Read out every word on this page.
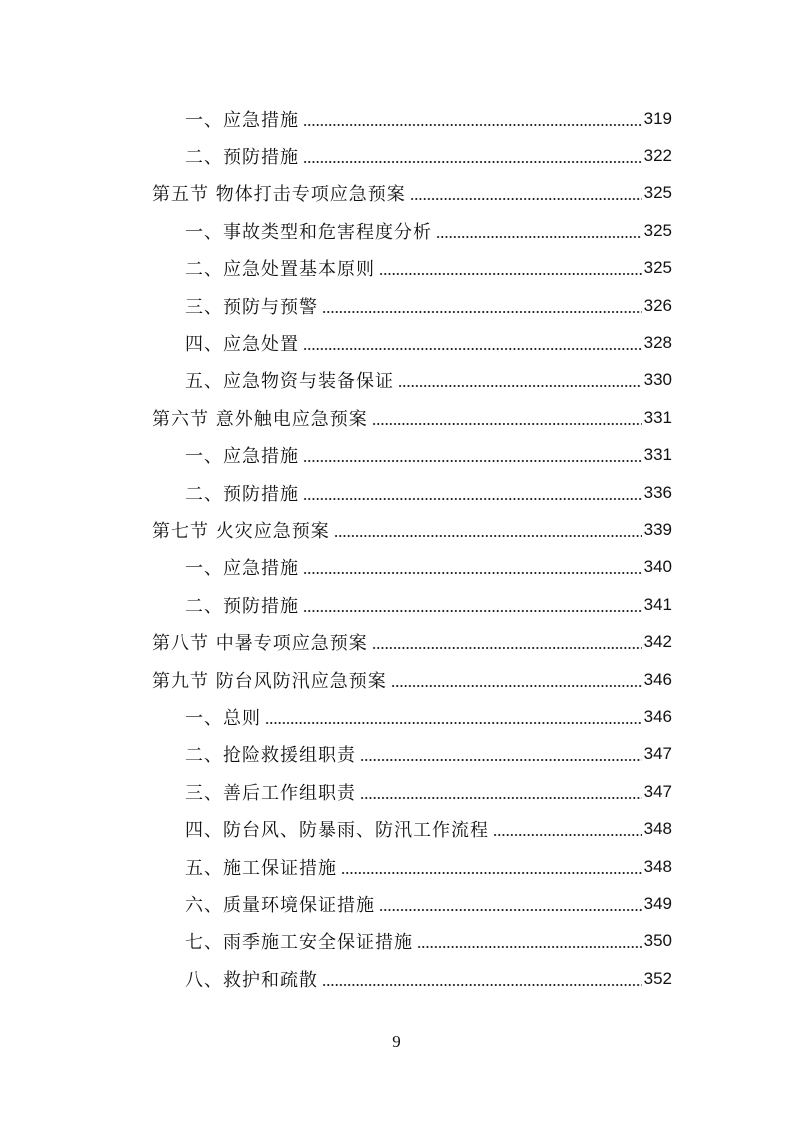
一、应急措施	319
二、预防措施	322
第五节 物体打击专项应急预案	325
一、事故类型和危害程度分析	325
二、应急处置基本原则	325
三、预防与预警	326
四、应急处置	328
五、应急物资与装备保证	330
第六节 意外触电应急预案	331
一、应急措施	331
二、预防措施	336
第七节 火灾应急预案	339
一、应急措施	340
二、预防措施	341
第八节 中暑专项应急预案	342
第九节 防台风防汛应急预案	346
一、总则	346
二、抢险救援组职责	347
三、善后工作组职责	347
四、防台风、防暴雨、防汛工作流程	348
五、施工保证措施	348
六、质量环境保证措施	349
七、雨季施工安全保证措施	350
八、救护和疏散	352
9
